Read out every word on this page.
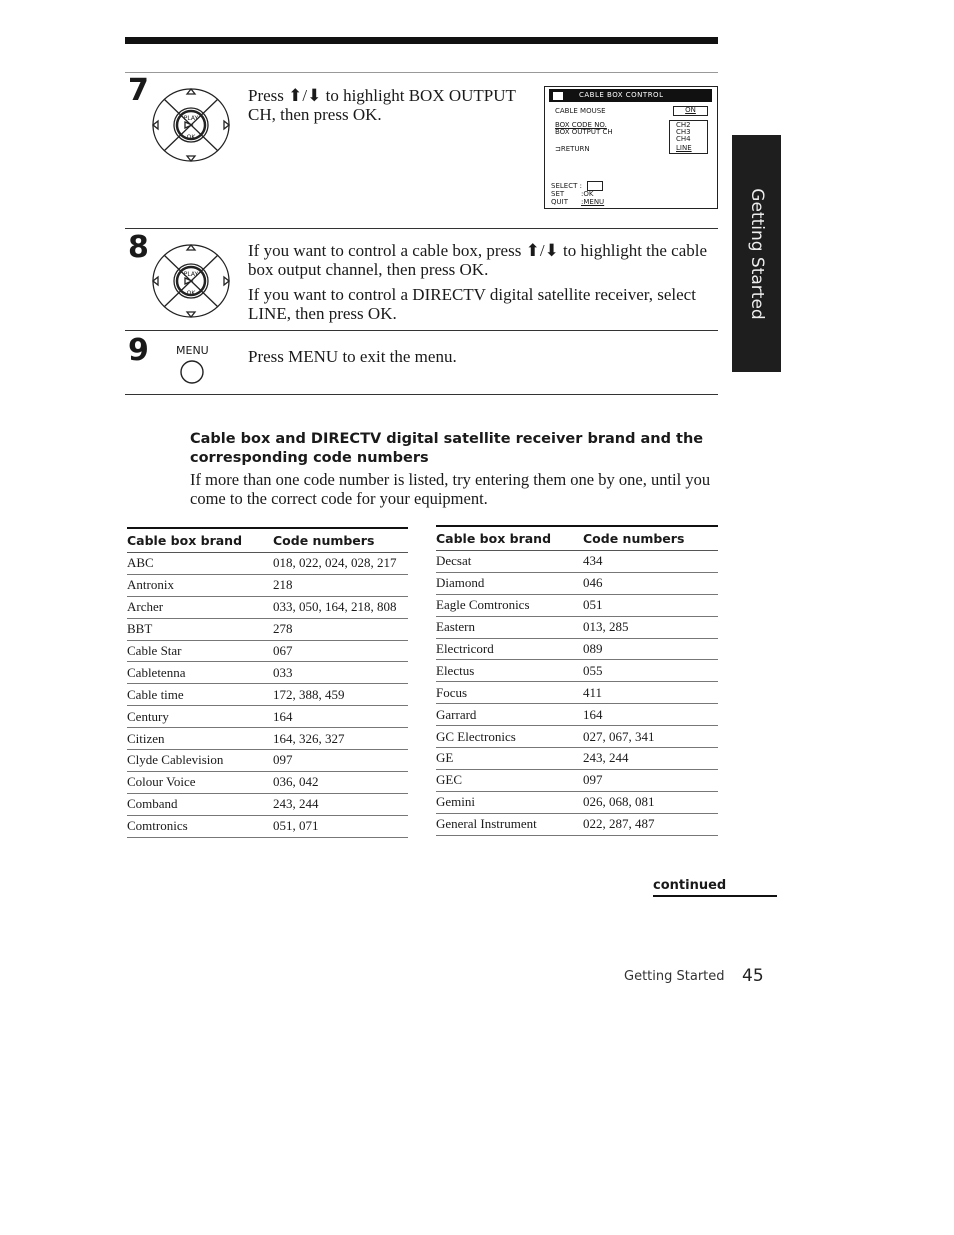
Getting Started
7
PLAY
OK

Press ⬆/⬇ to highlight BOX OUTPUT CH, then press OK.

CABLE BOX CONTROL
CABLE MOUSE	ON
BOX CODE NO.
BOX OUTPUT CH
CH2
CH3
CH4
LINE
⊐RETURN
SELECT :
SET :OK
QUIT :MENU
8
PLAY
OK

If you want to control a cable box, press ⬆/⬇ to highlight the cable box output channel, then press OK.

If you want to control a DIRECTV digital satellite receiver, select LINE, then press OK.

9 MENU Press MENU to exit the menu.

Cable box and DIRECTV digital satellite receiver brand and the corresponding code numbers
If more than one code number is listed, try entering them one by one, until you come to the correct code for your equipment.
Cable box brand	Code numbers
ABC	018, 022, 024, 028, 217
Antronix	218
Archer	033, 050, 164, 218, 808
BBT	278
Cable Star	067
Cabletenna	033
Cable time	172, 388, 459
Century	164
Citizen	164, 326, 327
Clyde Cablevision	097
Colour Voice	036, 042
Comband	243, 244
Comtronics	051, 071
Cable box brand	Code numbers
Decsat	434
Diamond	046
Eagle Comtronics	051
Eastern	013, 285
Electricord	089
Electus	055
Focus	411
Garrard	164
GC Electronics	027, 067, 341
GE	243, 244
GEC	097
Gemini	026, 068, 081
General Instrument	022, 287, 487
continued
Getting Started 45
